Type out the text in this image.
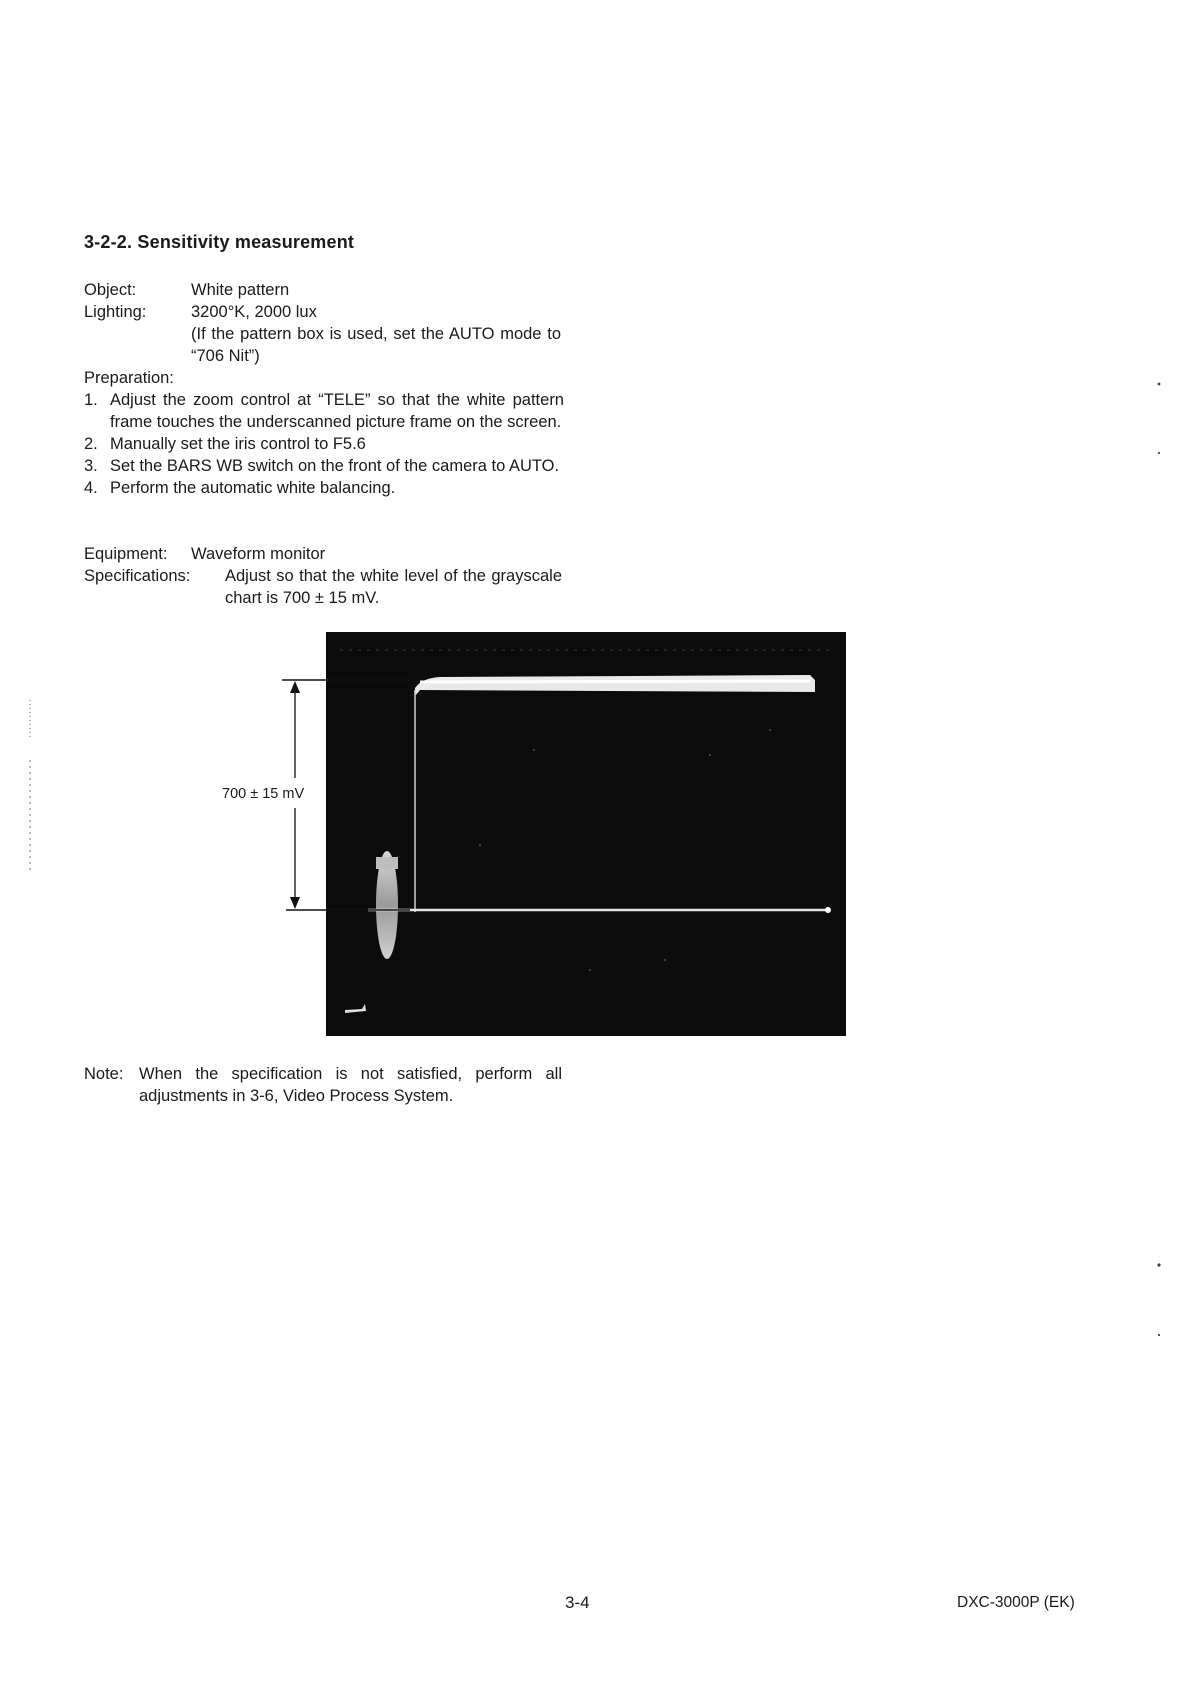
3-2-2. Sensitivity measurement
Object:	White pattern
Lighting:	3200°K, 2000 lux
(If the pattern box is used, set the AUTO mode to “706 Nit”)
Preparation:
1. Adjust the zoom control at “TELE” so that the white pattern frame touches the underscanned picture frame on the screen.
2. Manually set the iris control to F5.6
3. Set the BARS WB switch on the front of the camera to AUTO.
4. Perform the automatic white balancing.
Equipment: Waveform monitor
Specifications: Adjust so that the white level of the grayscale chart is 700 ± 15 mV.
700 ± 15 mV
Note: When the specification is not satisfied, perform all adjustments in 3-6, Video Process System.
3-4	DXC-3000P (EK)
